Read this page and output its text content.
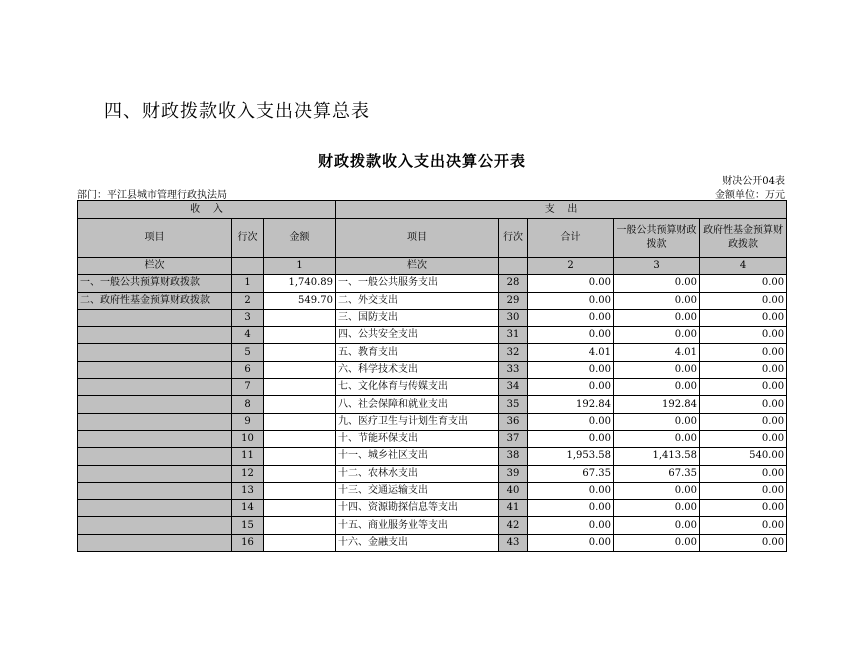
四、财政拨款收入支出决算总表
财政拨款收入支出决算公开表
财决公开04表
部门：平江县城市管理行政执法局	金额单位：万元
收    入			支    出				
项目	行次	金额	项目	行次	合计	一般公共预算财政拨款	政府性基金预算财政拨款
栏次		1	栏次		2	3	4
一、一般公共预算财政拨款	1	1,740.89	一、一般公共服务支出	28	0.00	0.00	0.00
二、政府性基金预算财政拨款	2	549.70	二、外交支出	29	0.00	0.00	0.00
	3		三、国防支出	30	0.00	0.00	0.00
	4		四、公共安全支出	31	0.00	0.00	0.00
	5		五、教育支出	32	4.01	4.01	0.00
	6		六、科学技术支出	33	0.00	0.00	0.00
	7		七、文化体育与传媒支出	34	0.00	0.00	0.00
	8		八、社会保障和就业支出	35	192.84	192.84	0.00
	9		九、医疗卫生与计划生育支出	36	0.00	0.00	0.00
	10		十、节能环保支出	37	0.00	0.00	0.00
	11		十一、城乡社区支出	38	1,953.58	1,413.58	540.00
	12		十二、农林水支出	39	67.35	67.35	0.00
	13		十三、交通运输支出	40	0.00	0.00	0.00
	14		十四、资源勘探信息等支出	41	0.00	0.00	0.00
	15		十五、商业服务业等支出	42	0.00	0.00	0.00
	16		十六、金融支出	43	0.00	0.00	0.00
